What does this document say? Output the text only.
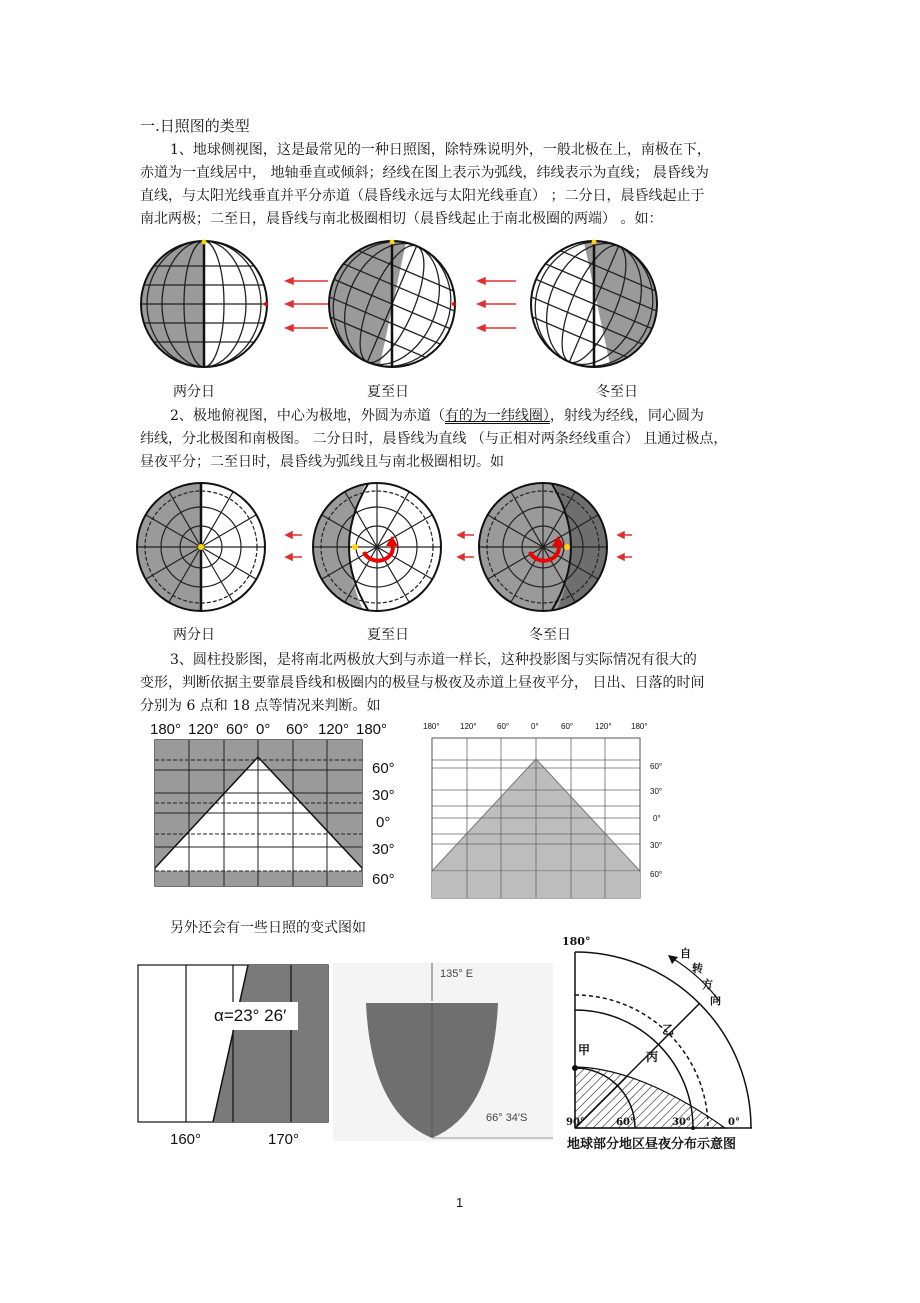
一.日照图的类型
1、地球侧视图，这是最常见的一种日照图，除特殊说明外，一般北极在上，南极在下，
赤道为一直线居中， 地轴垂直或倾斜；经线在图上表示为弧线，纬线表示为直线； 晨昏线为
直线，与太阳光线垂直并平分赤道（晨昏线永远与太阳光线垂直） ；二分日，晨昏线起止于
南北两极；二至日，晨昏线与南北极圈相切（晨昏线起止于南北极圈的两端） 。如：
两分日	夏至日	冬至日
2、极地俯视图，中心为极地，外圆为赤道（有的为一纬线圈），射线为经线，同心圆为
纬线，分北极图和南极图。 二分日时，晨昏线为直线 （与正相对两条经线重合） 且通过极点，
昼夜平分；二至日时，晨昏线为弧线且与南北极圈相切。如
两分日	夏至日	冬至日
3、圆柱投影图，是将南北两极放大到与赤道一样长，这种投影图与实际情况有很大的
变形，判断依据主要靠晨昏线和极圈内的极昼与极夜及赤道上昼夜平分， 日出、日落的时间
分别为 6 点和 18 点等情况来判断。如
180° 120° 60° 0° 60° 120° 180°
60°
30°
0°
30°
60°
180°	120°	60°	0°	60°	120° 180°
60°
30°
0°
30°
60°
另外还会有一些日照的变式图如
α=23° 26′
160°	170°
135° E
66° 34′S
180°
自
转
方
向
乙
甲	丙
90°	60°	30°	0°
地球部分地区昼夜分布示意图
1
